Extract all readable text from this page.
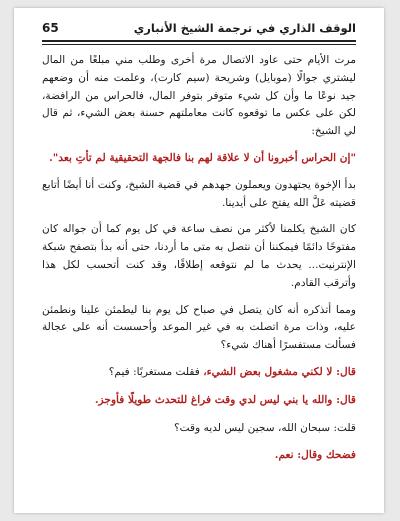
الوقف الذاري في ترجمة الشيخ الأنباري
65

مرت الأيام حتى عاود الاتصال مرة أخرى وطلب مني مبلغًا من المال ليشتري جوالًا (موبايل) وشريحة (سيم كارت)، وعلمت منه أن وضعهم جيد نوعًا ما وأن كل شيء متوفر بتوفر المال، فالحراس من الرافضة، لكن على عكس ما توقعوه كانت معاملتهم حسنة بعض الشيء، ثم قال لي الشيخ:

"إن الحراس أخبرونا أن لا علاقة لهم بنا فالجهة التحقيقية لم تأتِ بعد".

بدأ الإخوة يجتهدون ويعملون جهدهم في قضية الشيخ، وكنت أنا أيضًا أتابع قضيته عَلَّ الله يفتح على أيدينا.

كان الشيخ يكلمنا لأكثر من نصف ساعة في كل يوم كما أن جواله كان مفتوحًا دائمًا فيمكننا أن نتصل به متى ما أردنا، حتى أنه بدأ بتصفح شبكة الإنترنيت... يحدث ما لم نتوقعه إطلاقًا، وقد كنت أتحسب لكل هذا وأترقب القادم.

ومما أتذكره أنه كان يتصل في صباح كل يوم بنا ليطمئن علينا ونطمئن عليه، وذات مرة اتصلت به في غير الموعد وأحسست أنه على عجالة فسألت مستفسرًا أهناك شيء؟

قال: لا لكني مشغول بعض الشيء، فقلت مستغربًا: فيم؟

قال: والله يا بني ليس لدي وقت فراغ للتحدث طويلًا فأوجز.

قلت: سبحان الله، سجين ليس لديه وقت؟

فضحك وقال: نعم.
